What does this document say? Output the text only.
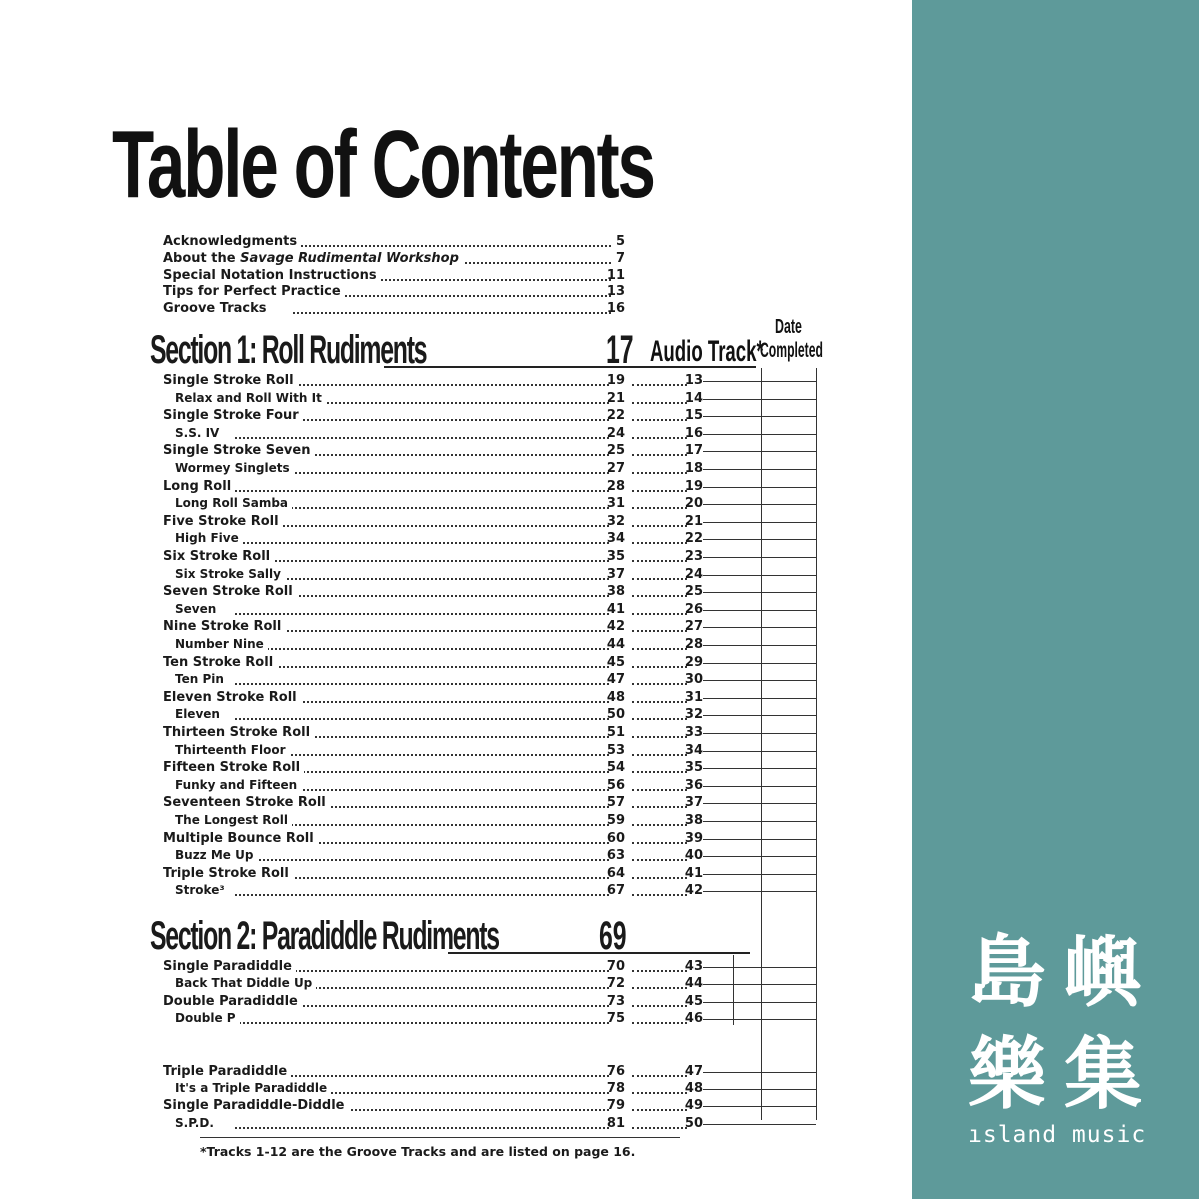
Table of Contents
Acknowledgments	5
About the Savage Rudimental Workshop	7
Special Notation Instructions	11
Tips for Perfect Practice	13
Groove Tracks	16
Section 1: Roll Rudiments	17 Audio Track*
Date
Completed
Single Stroke Roll	19	13
Relax and Roll With It	21	14
Single Stroke Four	22	15
S.S. IV	24	16
Single Stroke Seven	25	17
Wormey Singlets	27	18
Long Roll	28	19
Long Roll Samba	31	20
Five Stroke Roll	32	21
High Five	34	22
Six Stroke Roll	35	23
Six Stroke Sally	37	24
Seven Stroke Roll	38	25
Seven	41	26
Nine Stroke Roll	42	27
Number Nine	44	28
Ten Stroke Roll	45	29
Ten Pin	47	30
Eleven Stroke Roll	48	31
Eleven	50	32
Thirteen Stroke Roll	51	33
Thirteenth Floor	53	34
Fifteen Stroke Roll	54	35
Funky and Fifteen	56	36
Seventeen Stroke Roll	57	37
The Longest Roll	59	38
Multiple Bounce Roll	60	39
Buzz Me Up	63	40
Triple Stroke Roll	64	41
Stroke³	67	42
Section 2: Paradiddle Rudiments	69
Single Paradiddle	70	43
Back That Diddle Up	72	44
Double Paradiddle	73	45
Double P	75	46
Triple Paradiddle	76	47
It's a Triple Paradiddle	78	48
Single Paradiddle-Diddle	79	49
S.P.D.	81	50
*Tracks 1-12 are the Groove Tracks and are listed on page 16.
島嶼
樂集
ısland music
